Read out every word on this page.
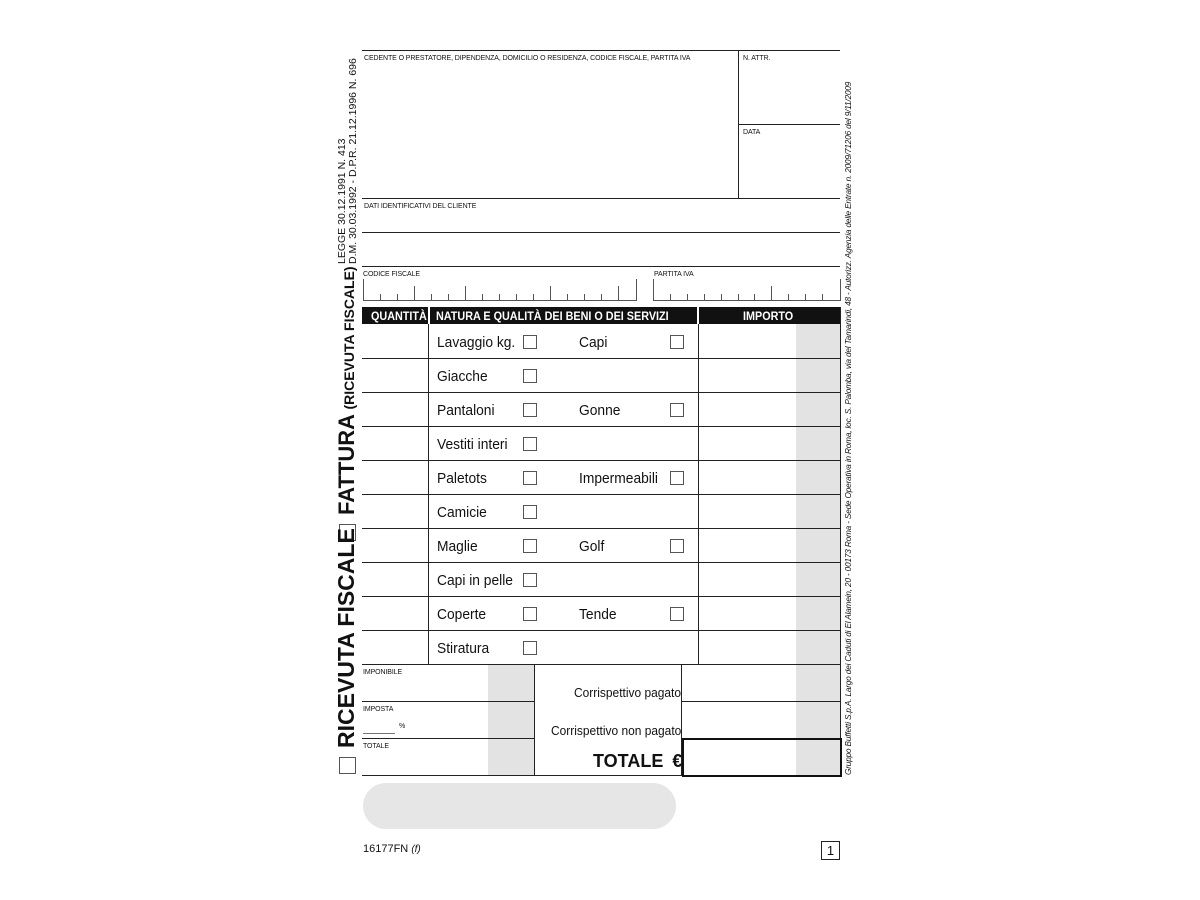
LEGGE 30.12.1991 N. 413 D.M. 30.03.1992 - D.P.R. 21.12.1996 N. 696
FATTURA (RICEVUTA FISCALE)
RICEVUTA FISCALE	Gruppo Buffetti S.p.A. Largo dei Caduti di El Alamein, 20 - 00173 Roma - Sede Operativa in Roma, loc. S. Palomba, via del Tamarindi, 48 - Autorizz. Agenzia delle Entrate n. 2009/71206 del 9/11/2009
CEDENTE O PRESTATORE, DIPENDENZA, DOMICILIO O RESIDENZA, CODICE FISCALE, PARTITA IVA	N. ATTR.
DATA
DATI IDENTIFICATIVI DEL CLIENTE
CODICE FISCALE	PARTITA IVA
QUANTITÀ NATURA E QUALITÀ DEI BENI O DEI SERVIZI	IMPORTO
Lavaggio kg.	Capi
Giacche
Pantaloni	Gonne
Vestiti interi
Paletots	Impermeabili
Camicie
Maglie	Golf
Capi in pelle
Coperte	Tende
Stiratura
IMPONIBILE
IMPOSTA
%
TOTALE
Corrispettivo pagato
Corrispettivo non pagato
TOTALE €
16177FN (f)	1
